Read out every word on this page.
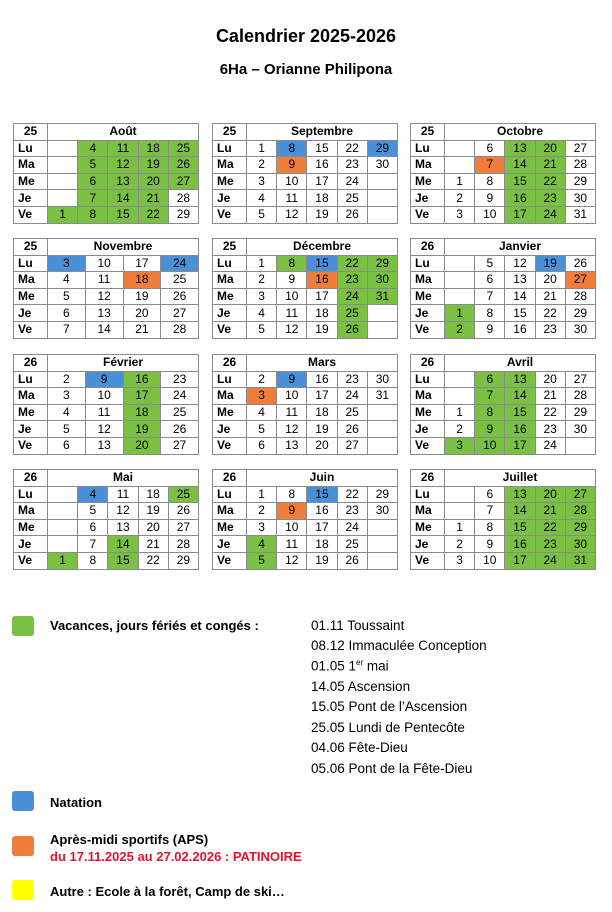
Calendrier 2025-2026
6Ha – Orianne Philipona
25	Août				
Lu		4	11	18	25
Ma		5	12	19	26
Me		6	13	20	27
Je		7	14	21	28
Ve	1	8	15	22	29
25	Septembre				
Lu	1	8	15	22	29
Ma	2	9	16	23	30
Me	3	10	17	24	
Je	4	11	18	25	
Ve	5	12	19	26	
25	Octobre				
Lu		6	13	20	27
Ma		7	14	21	28
Me	1	8	15	22	29
Je	2	9	16	23	30
Ve	3	10	17	24	31
25	Novembre			
Lu	3	10	17	24
Ma	4	11	18	25
Me	5	12	19	26
Je	6	13	20	27
Ve	7	14	21	28
25	Décembre				
Lu	1	8	15	22	29
Ma	2	9	16	23	30
Me	3	10	17	24	31
Je	4	11	18	25	
Ve	5	12	19	26	
26	Janvier				
Lu		5	12	19	26
Ma		6	13	20	27
Me		7	14	21	28
Je	1	8	15	22	29
Ve	2	9	16	23	30
26	Février			
Lu	2	9	16	23
Ma	3	10	17	24
Me	4	11	18	25
Je	5	12	19	26
Ve	6	13	20	27
26	Mars				
Lu	2	9	16	23	30
Ma	3	10	17	24	31
Me	4	11	18	25	
Je	5	12	19	26	
Ve	6	13	20	27	
26	Avril				
Lu		6	13	20	27
Ma		7	14	21	28
Me	1	8	15	22	29
Je	2	9	16	23	30
Ve	3	10	17	24	
26	Mai				
Lu		4	11	18	25
Ma		5	12	19	26
Me		6	13	20	27
Je		7	14	21	28
Ve	1	8	15	22	29
26	Juin				
Lu	1	8	15	22	29
Ma	2	9	16	23	30
Me	3	10	17	24	
Je	4	11	18	25	
Ve	5	12	19	26	
26	Juillet				
Lu		6	13	20	27
Ma		7	14	21	28
Me	1	8	15	22	29
Je	2	9	16	23	30
Ve	3	10	17	24	31
Vacances, jours fériés et congés :	01.11 Toussaint
08.12 Immaculée Conception
01.05 1er mai
14.05 Ascension
15.05 Pont de l’Ascension
25.05 Lundi de Pentecôte
04.06 Fête-Dieu
05.06 Pont de la Fête-Dieu
Natation
Après-midi sportifs (APS)
du 17.11.2025 au 27.02.2026 : PATINOIRE
Autre : Ecole à la forêt, Camp de ski…
